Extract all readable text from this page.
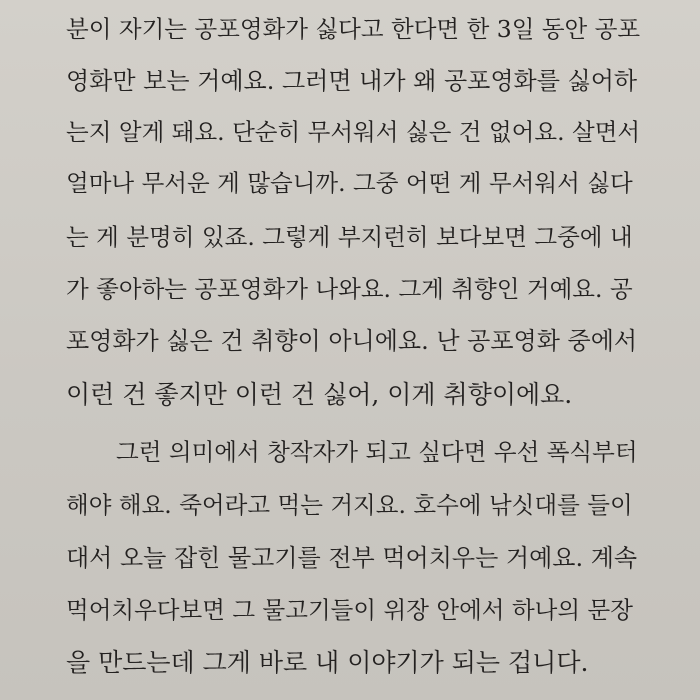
분이 자기는 공포영화가 싫다고 한다면 한 3일 동안 공포
영화만 보는 거예요. 그러면 내가 왜 공포영화를 싫어하
는지 알게 돼요. 단순히 무서워서 싫은 건 없어요. 살면서
얼마나 무서운 게 많습니까. 그중 어떤 게 무서워서 싫다
는 게 분명히 있죠. 그렇게 부지런히 보다보면 그중에 내
가 좋아하는 공포영화가 나와요. 그게 취향인 거예요. 공
포영화가 싫은 건 취향이 아니에요. 난 공포영화 중에서
이런 건 좋지만 이런 건 싫어, 이게 취향이에요.
그런 의미에서 창작자가 되고 싶다면 우선 폭식부터
해야 해요. 죽어라고 먹는 거지요. 호수에 낚싯대를 들이
대서 오늘 잡힌 물고기를 전부 먹어치우는 거예요. 계속
먹어치우다보면 그 물고기들이 위장 안에서 하나의 문장
을 만드는데 그게 바로 내 이야기가 되는 겁니다.
